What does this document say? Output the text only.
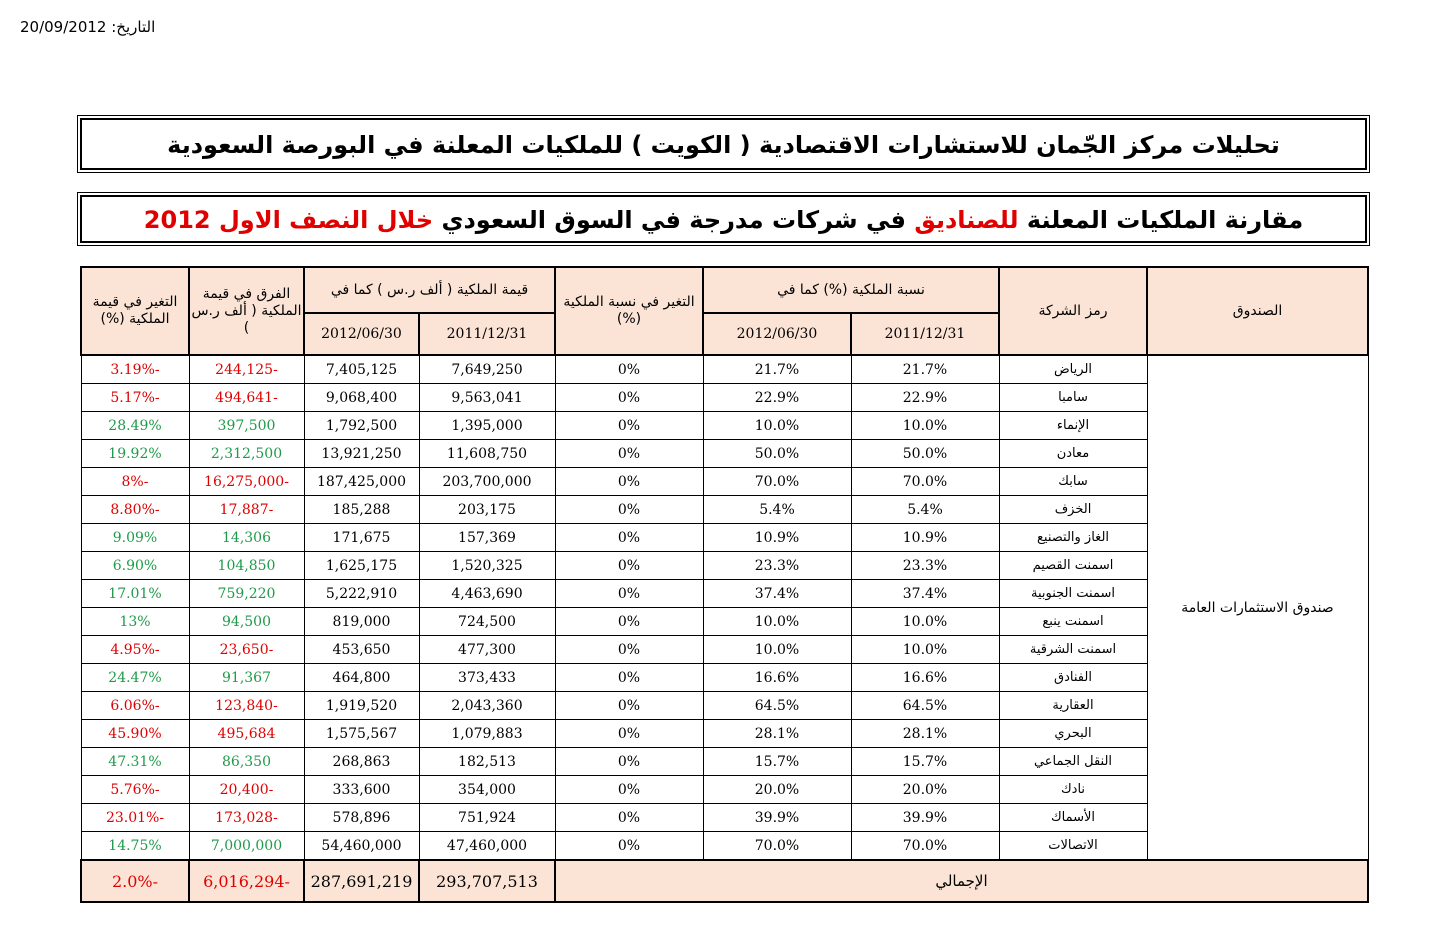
التاريخ: 20/09/2012
تحليلات مركز الجّمان للاستشارات الاقتصادية ( الكويت ) للملكيات المعلنة في البورصة السعودية
مقارنة الملكيات المعلنة للصناديق في شركات مدرجة في السوق السعودي خلال النصف الاول 2012
الصندوق	رمز الشركة	نسبة الملكية (%) كما في		التغير في نسبة الملكية (%)	قيمة الملكية ( ألف ر.س ) كما في		الفرق في قيمة الملكية ( ألف ر.س )	التغير في قيمة الملكية (%)
		2011/12/31	2012/06/30		2011/12/31	2012/06/30		
صندوق الاستثمارات العامة	الرياض	21.7%	21.7%	0%	7,649,250	7,405,125	-244,125	-3.19%
	سامبا	22.9%	22.9%	0%	9,563,041	9,068,400	-494,641	-5.17%
	الإنماء	10.0%	10.0%	0%	1,395,000	1,792,500	397,500	28.49%
	معادن	50.0%	50.0%	0%	11,608,750	13,921,250	2,312,500	19.92%
	سابك	70.0%	70.0%	0%	203,700,000	187,425,000	-16,275,000	-8%
	الخزف	5.4%	5.4%	0%	203,175	185,288	-17,887	-8.80%
	الغاز والتصنيع	10.9%	10.9%	0%	157,369	171,675	14,306	9.09%
	اسمنت القصيم	23.3%	23.3%	0%	1,520,325	1,625,175	104,850	6.90%
	اسمنت الجنوبية	37.4%	37.4%	0%	4,463,690	5,222,910	759,220	17.01%
	اسمنت ينبع	10.0%	10.0%	0%	724,500	819,000	94,500	13%
	اسمنت الشرقية	10.0%	10.0%	0%	477,300	453,650	-23,650	-4.95%
	الفنادق	16.6%	16.6%	0%	373,433	464,800	91,367	24.47%
	العقارية	64.5%	64.5%	0%	2,043,360	1,919,520	-123,840	-6.06%
	البحري	28.1%	28.1%	0%	1,079,883	1,575,567	495,684	45.90%
	النقل الجماعي	15.7%	15.7%	0%	182,513	268,863	86,350	47.31%
	نادك	20.0%	20.0%	0%	354,000	333,600	-20,400	-5.76%
	الأسماك	39.9%	39.9%	0%	751,924	578,896	-173,028	-23.01%
	الاتصالات	70.0%	70.0%	0%	47,460,000	54,460,000	7,000,000	14.75%
الإجمالي					293,707,513	287,691,219	-6,016,294	-2.0%
